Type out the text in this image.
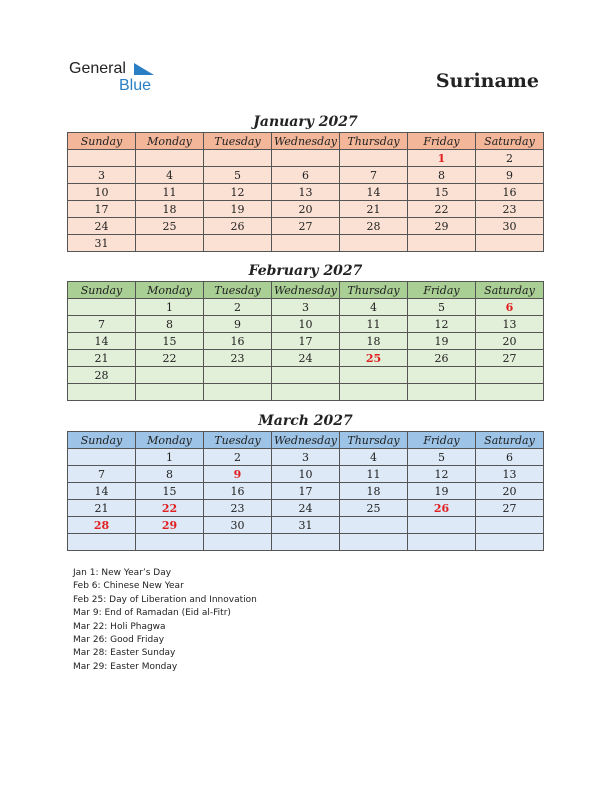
General
Blue	Suriname
January 2027
Sunday	Monday	Tuesday	Wednesday	Thursday	Friday	Saturday
					1	2
3	4	5	6	7	8	9
10	11	12	13	14	15	16
17	18	19	20	21	22	23
24	25	26	27	28	29	30
31						
February 2027
Sunday	Monday	Tuesday	Wednesday	Thursday	Friday	Saturday
	1	2	3	4	5	6
7	8	9	10	11	12	13
14	15	16	17	18	19	20
21	22	23	24	25	26	27
28						

March 2027
Sunday	Monday	Tuesday	Wednesday	Thursday	Friday	Saturday
	1	2	3	4	5	6
7	8	9	10	11	12	13
14	15	16	17	18	19	20
21	22	23	24	25	26	27
28	29	30	31			

Jan 1: New Year’s Day
Feb 6: Chinese New Year
Feb 25: Day of Liberation and Innovation
Mar 9: End of Ramadan (Eid al-Fitr)
Mar 22: Holi Phagwa
Mar 26: Good Friday
Mar 28: Easter Sunday
Mar 29: Easter Monday
